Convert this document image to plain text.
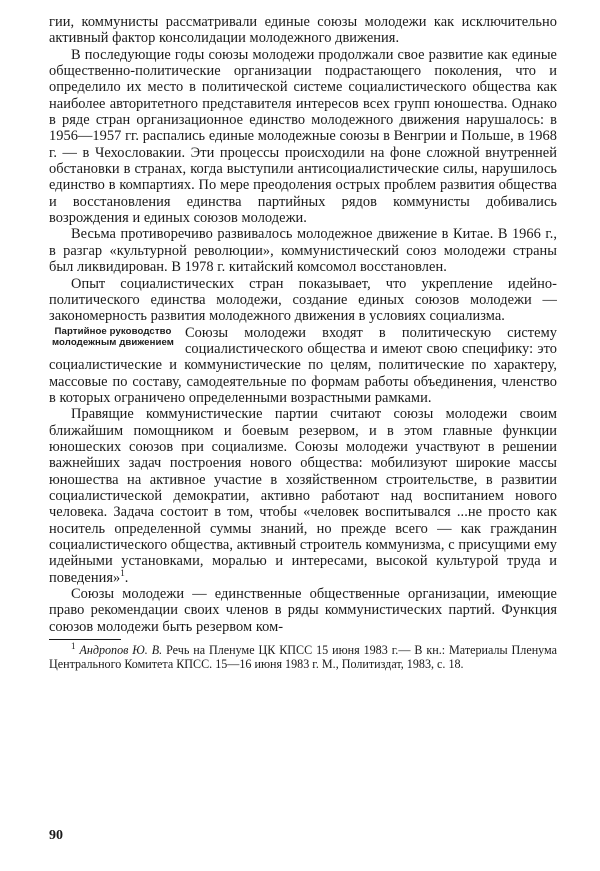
гии, коммунисты рассматривали единые союзы молодежи как исключительно активный фактор консолидации молодежного движения.

В последующие годы союзы молодежи продолжали свое развитие как единые общественно-политические организации подрастающего поколения, что и определило их место в политической системе социалистического общества как наиболее авторитетного представителя интересов всех групп юношества. Однако в ряде стран организационное единство молодежного движения нарушалось: в 1956—1957 гг. распались единые молодежные союзы в Венгрии и Польше, в 1968 г. — в Чехословакии. Эти процессы происходили на фоне сложной внутренней обстановки в странах, когда выступили антисоциалистические силы, нарушилось единство в компартиях. По мере преодоления острых проблем развития общества и восстановления единства партийных рядов коммунисты добивались возрождения и единых союзов молодежи.

Весьма противоречиво развивалось молодежное движение в Китае. В 1966 г., в разгар «культурной революции», коммунистический союз молодежи страны был ликвидирован. В 1978 г. китайский комсомол восстановлен.

Опыт социалистических стран показывает, что укрепление идейно-политического единства молодежи, создание единых союзов молодежи — закономерность развития молодежного движения в условиях социализма.

Партийное руководство молодежным движением

Союзы молодежи входят в политическую систему социалистического общества и имеют свою специфику: это социалистические и коммунистические по целям, политические по характеру, массовые по составу, самодеятельные по формам работы объединения, членство в которых ограничено определенными возрастными рамками.

Правящие коммунистические партии считают союзы молодежи своим ближайшим помощником и боевым резервом, и в этом главные функции юношеских союзов при социализме. Союзы молодежи участвуют в решении важнейших задач построения нового общества: мобилизуют широкие массы юношества на активное участие в хозяйственном строительстве, в развитии социалистической демократии, активно работают над воспитанием нового человека. Задача состоит в том, чтобы «человек воспитывался ...не просто как носитель определенной суммы знаний, но прежде всего — как гражданин социалистического общества, активный строитель коммунизма, с присущими ему идейными установками, моралью и интересами, высокой культурой труда и поведения»$^1$.

Союзы молодежи — единственные общественные организации, имеющие право рекомендации своих членов в ряды коммунистических партий. Функция союзов молодежи быть резервом ком-

$^1$ Андропов Ю. В. Речь на Пленуме ЦК КПСС 15 июня 1983 г.— В кн.: Материалы Пленума Центрального Комитета КПСС. 15—16 июня 1983 г. М., Политиздат, 1983, с. 18.

90
